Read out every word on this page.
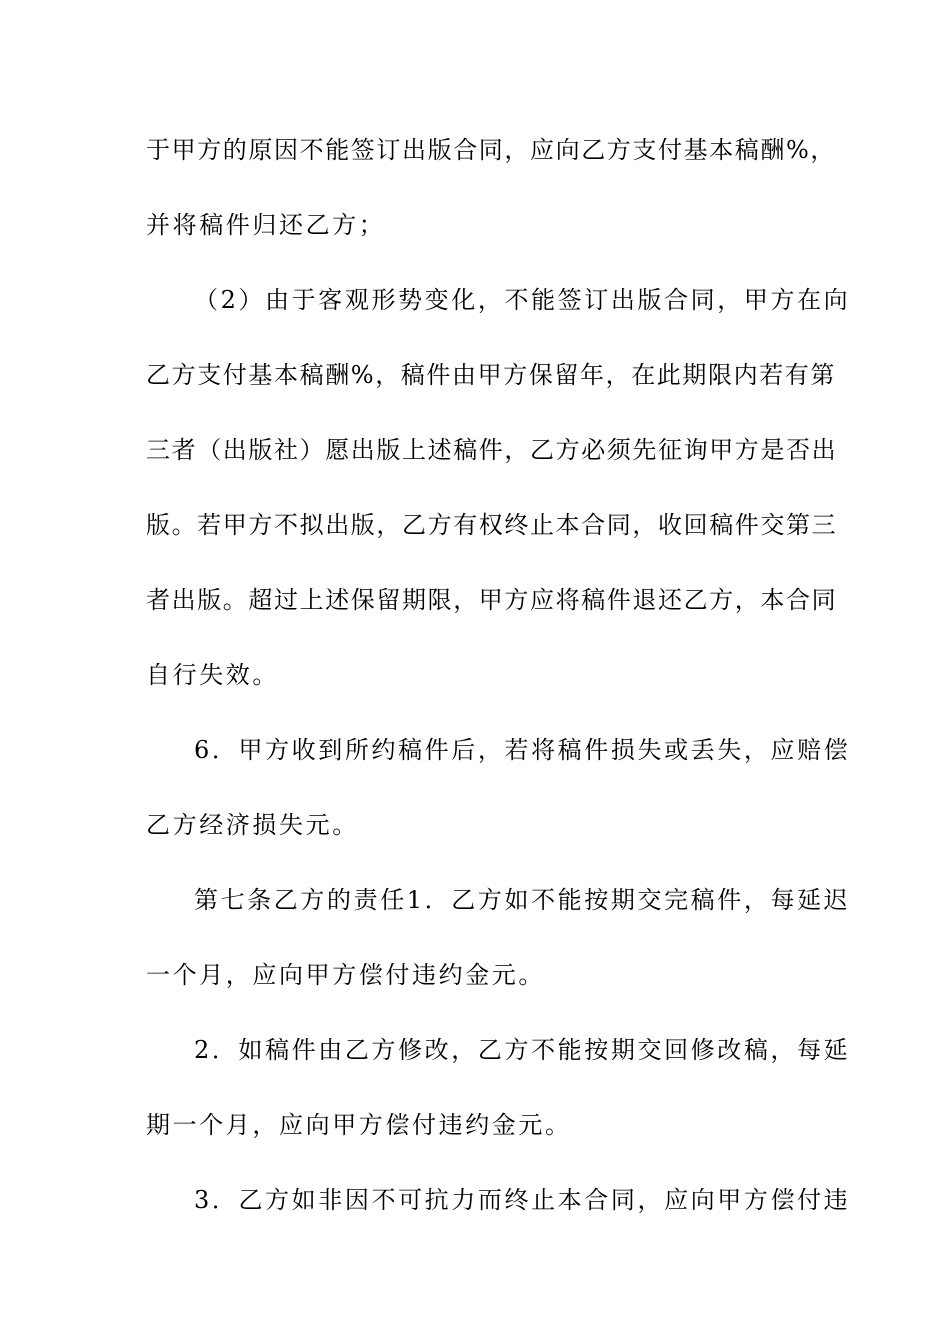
于甲方的原因不能签订出版合同，应向乙方支付基本稿酬%，
并将稿件归还乙方；
（2）由于客观形势变化，不能签订出版合同，甲方在向
乙方支付基本稿酬%，稿件由甲方保留年，在此期限内若有第
三者（出版社）愿出版上述稿件，乙方必须先征询甲方是否出
版。若甲方不拟出版，乙方有权终止本合同，收回稿件交第三
者出版。超过上述保留期限，甲方应将稿件退还乙方，本合同
自行失效。
6．甲方收到所约稿件后，若将稿件损失或丢失，应赔偿
乙方经济损失元。
第七条乙方的责任1．乙方如不能按期交完稿件，每延迟
一个月，应向甲方偿付违约金元。
2．如稿件由乙方修改，乙方不能按期交回修改稿，每延
期一个月，应向甲方偿付违约金元。
3．乙方如非因不可抗力而终止本合同，应向甲方偿付违
